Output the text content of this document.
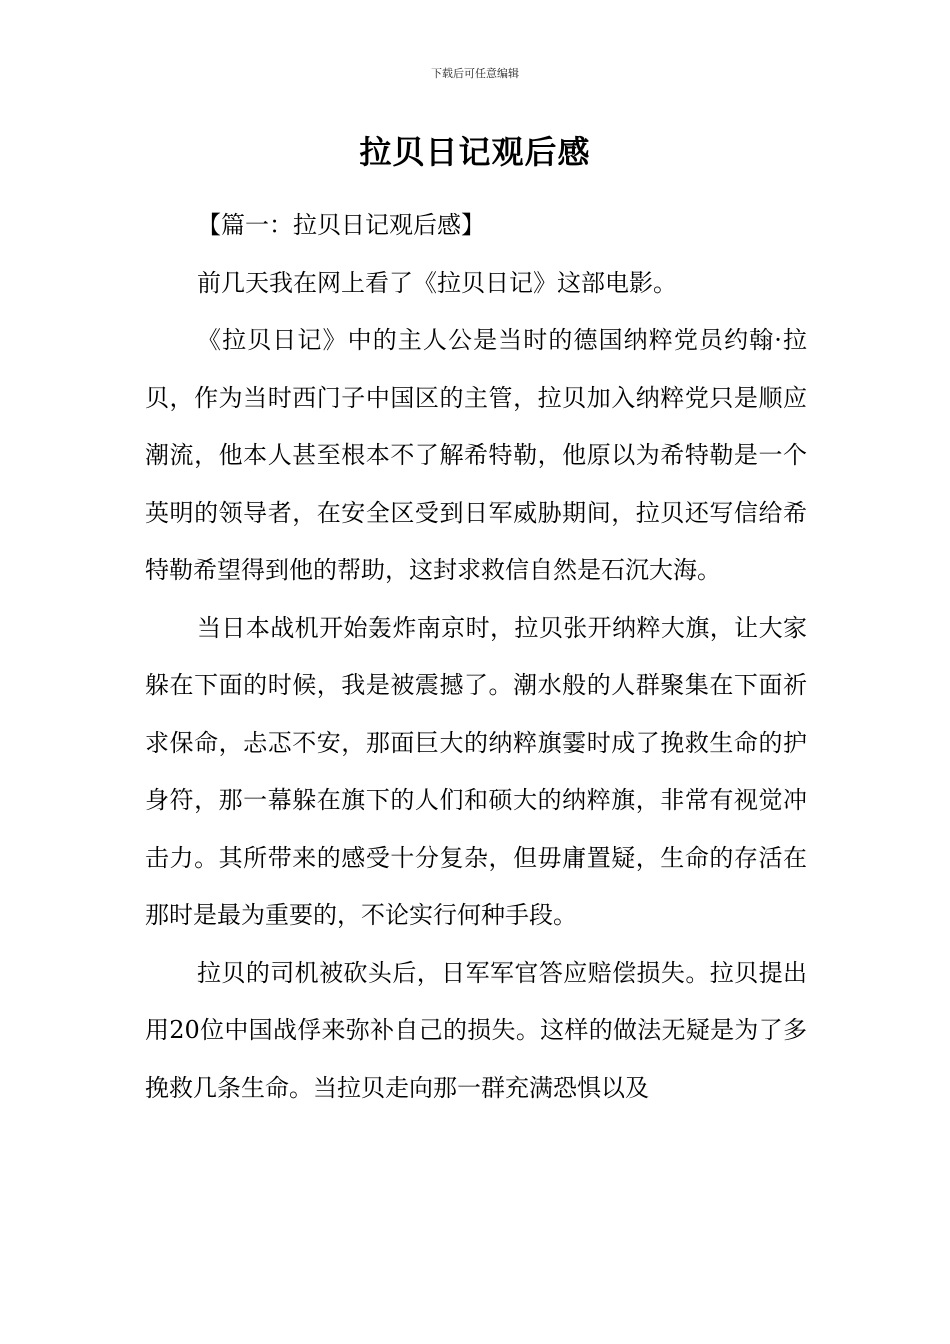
下载后可任意编辑
拉贝日记观后感

【篇一：拉贝日记观后感】

前几天我在网上看了《拉贝日记》这部电影。

《拉贝日记》中的主人公是当时的德国纳粹党员约翰·拉贝，作为当时西门子中国区的主管，拉贝加入纳粹党只是顺应潮流，他本人甚至根本不了解希特勒，他原以为希特勒是一个英明的领导者，在安全区受到日军威胁期间，拉贝还写信给希特勒希望得到他的帮助，这封求救信自然是石沉大海。

当日本战机开始轰炸南京时，拉贝张开纳粹大旗，让大家躲在下面的时候，我是被震撼了。潮水般的人群聚集在下面祈求保命，忐忑不安，那面巨大的纳粹旗霎时成了挽救生命的护身符，那一幕躲在旗下的人们和硕大的纳粹旗，非常有视觉冲击力。其所带来的感受十分复杂，但毋庸置疑，生命的存活在那时是最为重要的，不论实行何种手段。

拉贝的司机被砍头后，日军军官答应赔偿损失。拉贝提出用20位中国战俘来弥补自己的损失。这样的做法无疑是为了多挽救几条生命。当拉贝走向那一群充满恐惧以及
